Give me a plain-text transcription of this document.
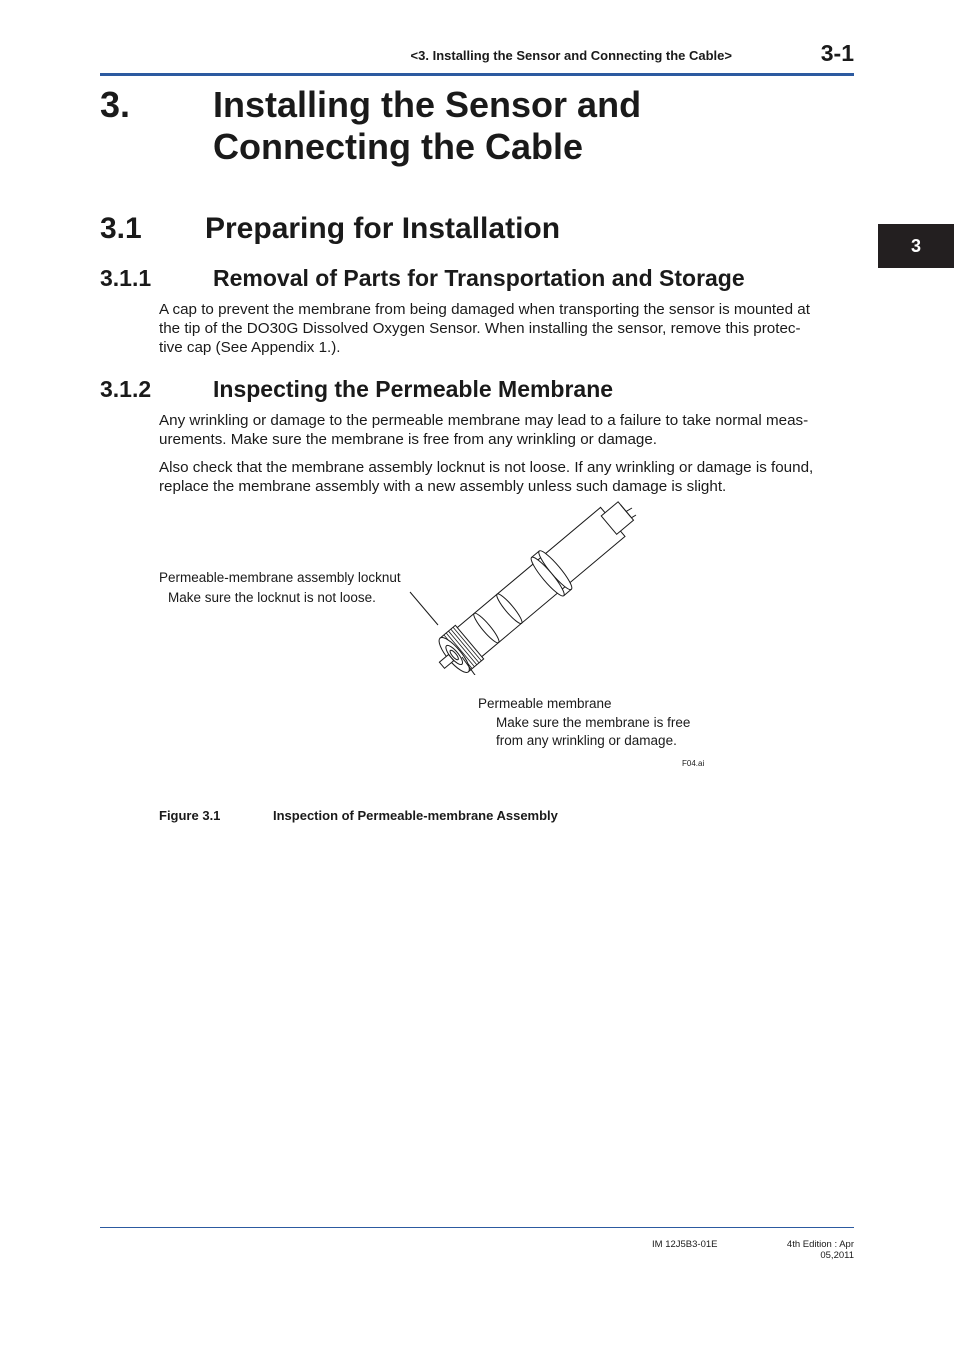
<3. Installing the Sensor and Connecting the Cable>	3-1
3. Installing the Sensor and
Connecting the Cable
3
3.1 Preparing for Installation
3.1.1	Removal of Parts for Transportation and Storage
A cap to prevent the membrane from being damaged when transporting the sensor is mounted at
the tip of the DO30G Dissolved Oxygen Sensor. When installing the sensor, remove this protec-
tive cap (See Appendix 1.).
3.1.2	Inspecting the Permeable Membrane
Any wrinkling or damage to the permeable membrane may lead to a failure to take normal meas-
urements. Make sure the membrane is free from any wrinkling or damage.
Also check that the membrane assembly locknut is not loose. If any wrinkling or damage is found,
replace the membrane assembly with a new assembly unless such damage is slight.
Permeable-membrane assembly locknut
Make sure the locknut is not loose.
Permeable membrane
Make sure the membrane is free
from any wrinkling or damage.
F04.ai
Figure 3.1	Inspection of Permeable-membrane Assembly
IM 12J5B3-01E	4th Edition : Apr 05,2011
